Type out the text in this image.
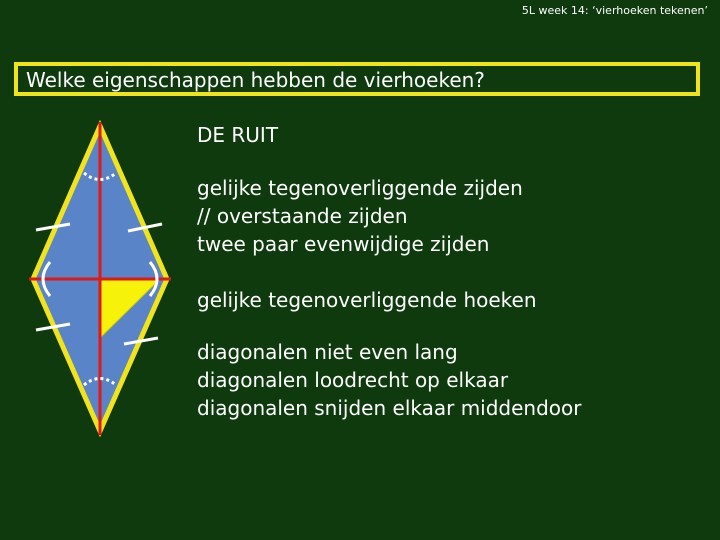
5L week 14: ‘vierhoeken tekenen’
Welke eigenschappen hebben de vierhoeken?
DE RUIT
gelijke tegenoverliggende zijden
// overstaande zijden
twee paar evenwijdige zijden
gelijke tegenoverliggende hoeken
diagonalen niet even lang
diagonalen loodrecht op elkaar
diagonalen snijden elkaar middendoor
